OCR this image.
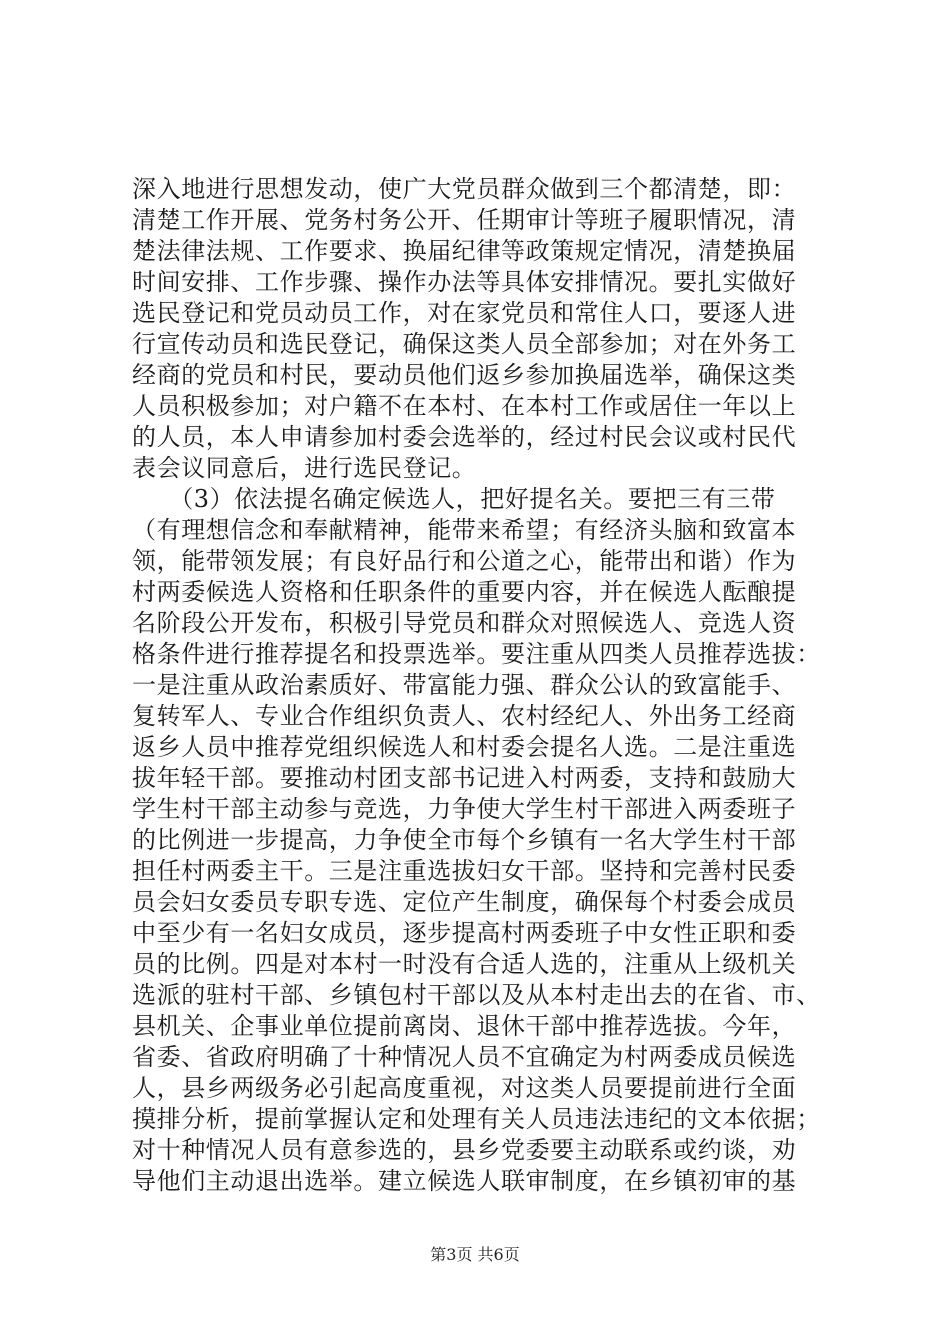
深入地进行思想发动，使广大党员群众做到三个都清楚，即：
清楚工作开展、党务村务公开、任期审计等班子履职情况，清
楚法律法规、工作要求、换届纪律等政策规定情况，清楚换届
时间安排、工作步骤、操作办法等具体安排情况。要扎实做好
选民登记和党员动员工作，对在家党员和常住人口，要逐人进
行宣传动员和选民登记，确保这类人员全部参加；对在外务工
经商的党员和村民，要动员他们返乡参加换届选举，确保这类
人员积极参加；对户籍不在本村、在本村工作或居住一年以上
的人员，本人申请参加村委会选举的，经过村民会议或村民代
表会议同意后，进行选民登记。
　　（3）依法提名确定候选人，把好提名关。要把三有三带
（有理想信念和奉献精神，能带来希望；有经济头脑和致富本
领，能带领发展；有良好品行和公道之心，能带出和谐）作为
村两委候选人资格和任职条件的重要内容，并在候选人酝酿提
名阶段公开发布，积极引导党员和群众对照候选人、竞选人资
格条件进行推荐提名和投票选举。要注重从四类人员推荐选拔：
一是注重从政治素质好、带富能力强、群众公认的致富能手、
复转军人、专业合作组织负责人、农村经纪人、外出务工经商
返乡人员中推荐党组织候选人和村委会提名人选。二是注重选
拔年轻干部。要推动村团支部书记进入村两委，支持和鼓励大
学生村干部主动参与竞选，力争使大学生村干部进入两委班子
的比例进一步提高，力争使全市每个乡镇有一名大学生村干部
担任村两委主干。三是注重选拔妇女干部。坚持和完善村民委
员会妇女委员专职专选、定位产生制度，确保每个村委会成员
中至少有一名妇女成员，逐步提高村两委班子中女性正职和委
员的比例。四是对本村一时没有合适人选的，注重从上级机关
选派的驻村干部、乡镇包村干部以及从本村走出去的在省、市、
县机关、企事业单位提前离岗、退休干部中推荐选拔。今年，
省委、省政府明确了十种情况人员不宜确定为村两委成员候选
人，县乡两级务必引起高度重视，对这类人员要提前进行全面
摸排分析，提前掌握认定和处理有关人员违法违纪的文本依据；
对十种情况人员有意参选的，县乡党委要主动联系或约谈，劝
导他们主动退出选举。建立候选人联审制度，在乡镇初审的基
第3页 共6页
